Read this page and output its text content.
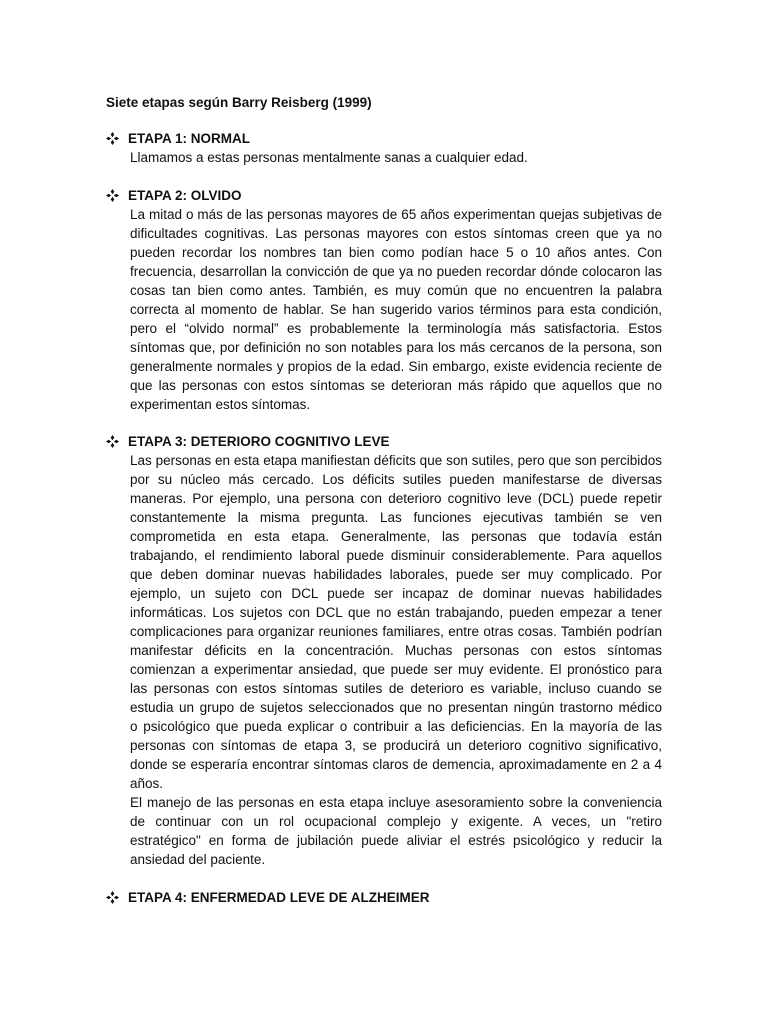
Siete etapas según Barry Reisberg (1999)
ETAPA 1: NORMAL
Llamamos a estas personas mentalmente sanas a cualquier edad.
ETAPA 2: OLVIDO
La mitad o más de las personas mayores de 65 años experimentan quejas subjetivas de
dificultades cognitivas. Las personas mayores con estos síntomas creen que ya no
pueden recordar los nombres tan bien como podían hace 5 o 10 años antes. Con
frecuencia, desarrollan la convicción de que ya no pueden recordar dónde colocaron las
cosas tan bien como antes. También, es muy común que no encuentren la palabra
correcta al momento de hablar. Se han sugerido varios términos para esta condición,
pero el “olvido normal” es probablemente la terminología más satisfactoria. Estos
síntomas que, por definición no son notables para los más cercanos de la persona, son
generalmente normales y propios de la edad. Sin embargo, existe evidencia reciente de
que las personas con estos síntomas se deterioran más rápido que aquellos que no
experimentan estos síntomas.
ETAPA 3: DETERIORO COGNITIVO LEVE
Las personas en esta etapa manifiestan déficits que son sutiles, pero que son percibidos
por su núcleo más cercado. Los déficits sutiles pueden manifestarse de diversas
maneras. Por ejemplo, una persona con deterioro cognitivo leve (DCL) puede repetir
constantemente la misma pregunta. Las funciones ejecutivas también se ven
comprometida en esta etapa. Generalmente, las personas que todavía están
trabajando, el rendimiento laboral puede disminuir considerablemente. Para aquellos
que deben dominar nuevas habilidades laborales, puede ser muy complicado. Por
ejemplo, un sujeto con DCL puede ser incapaz de dominar nuevas habilidades
informáticas. Los sujetos con DCL que no están trabajando, pueden empezar a tener
complicaciones para organizar reuniones familiares, entre otras cosas. También podrían
manifestar déficits en la concentración. Muchas personas con estos síntomas
comienzan a experimentar ansiedad, que puede ser muy evidente. El pronóstico para
las personas con estos síntomas sutiles de deterioro es variable, incluso cuando se
estudia un grupo de sujetos seleccionados que no presentan ningún trastorno médico
o psicológico que pueda explicar o contribuir a las deficiencias. En la mayoría de las
personas con síntomas de etapa 3, se producirá un deterioro cognitivo significativo,
donde se esperaría encontrar síntomas claros de demencia, aproximadamente en 2 a 4
años.
El manejo de las personas en esta etapa incluye asesoramiento sobre la conveniencia
de continuar con un rol ocupacional complejo y exigente. A veces, un "retiro
estratégico" en forma de jubilación puede aliviar el estrés psicológico y reducir la
ansiedad del paciente.
ETAPA 4: ENFERMEDAD LEVE DE ALZHEIMER
